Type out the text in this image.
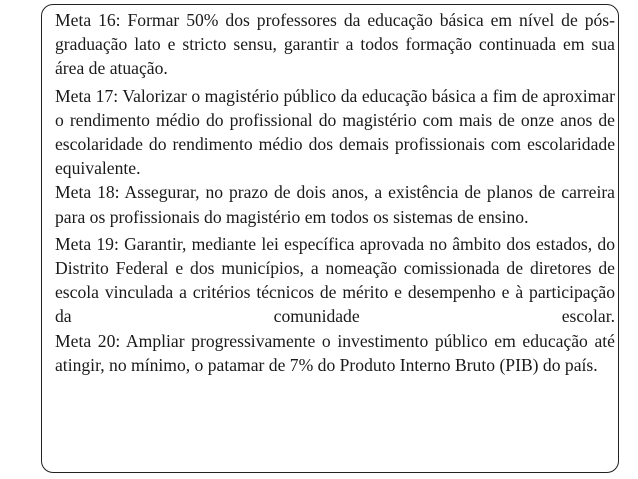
Meta 16: Formar 50% dos professores da educação básica em nível de pós-graduação lato e stricto sensu, garantir a todos formação continuada em sua área de atuação.

Meta 17: Valorizar o magistério público da educação básica a fim de aproximar o rendimento médio do profissional do magistério com mais de onze anos de escolaridade do rendimento médio dos demais profissionais com escolaridade equivalente.

Meta 18: Assegurar, no prazo de dois anos, a existência de planos de carreira para os profissionais do magistério em todos os sistemas de ensino.

Meta 19: Garantir, mediante lei específica aprovada no âmbito dos estados, do Distrito Federal e dos municípios, a nomeação comissionada de diretores de escola vinculada a critérios técnicos de mérito e desempenho e à participação da comunidade escolar.

Meta 20: Ampliar progressivamente o investimento público em educação até atingir, no mínimo, o patamar de 7% do Produto Interno Bruto (PIB) do país.
